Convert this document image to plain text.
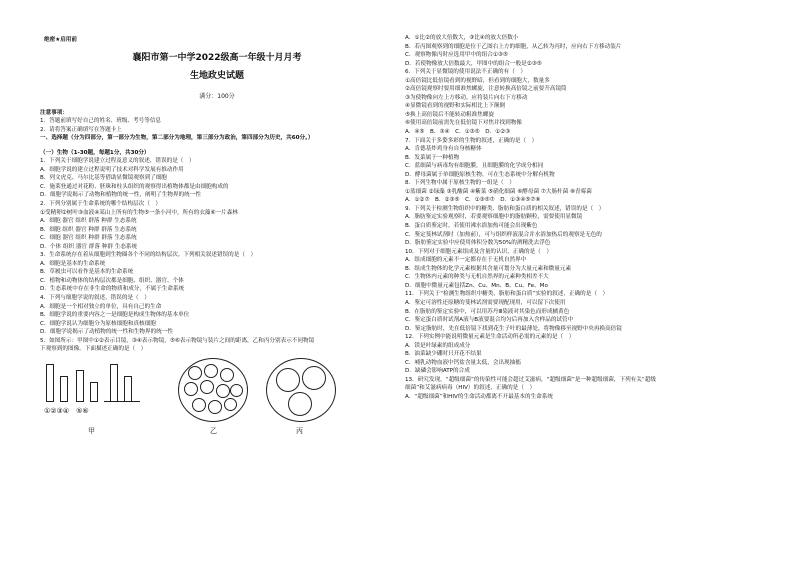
绝密★启用前
襄阳市第一中学2022级高一年级十月月考
生地政史试题
满分：100分
注意事项：
1．答题前填写好自己的姓名、班级、考号等信息
2．请将答案正确填写在答题卡上
一、选择题（分为四部分，第一部分为生物，第二部分为地理，第三部分为政治，第四部分为历史，共60分。）
（一）生物（1-30题，每题1分，共30分）
1．下列关于细胞学说建立过程及意义的叙述，错误的是（　）
A．细胞学说的建立过程说明了技术对科学发展有推动作用
B．列文虎克、马尔比基等借助显微镜观察到了细胞
C．施莱登通过对花粉、胚珠和柱头组织的观察得出植物体都是由细胞构成的
D．细胞学说揭示了动物和植物的统一性，阐明了生物界的统一性
2．下列分别属于生命系统的哪个结构层次（　）
①受精卵②树叶③血液④某山上所有的生物⑤一条小河中，所有的衣藻⑥一片森林
A．细胞 器官 组织 群落 种群 生态系统
B．细胞 组织 器官 种群 群落 生态系统
C．细胞 器官 组织 种群 群落 生态系统
D．个体 组织 器官 群落 种群 生态系统
3．生命系统存在着从细胞到生物圈各个不同的结构层次。下列相关叙述错误的是（　）
A．细胞是基本的生命系统
B．草履虫可以看作是基本的生命系统
C．植物和动物体的结构层次都是细胞、组织、器官、个体
D．生态系统中存在非生命的物质和成分，不属于生命系统
4．下列与细胞学说的叙述，错误的是（　）
A．细胞是一个相对独立的单位，具有自己的生命
B．细胞学说的重要内容之一是细胞是构成生物体的基本单位
C．细胞学说认为细胞分为原核细胞和真核细胞
D．细胞学说揭示了动植物的统一性和生物界的统一性
5．如图所示：甲图中①②表示目镜，③④表示物镜，⑤⑥表示物镜与装片之间的距离，乙和丙分别表示不同物镜
下观察到的图像。下面描述正确的是（　）
①②③④　⑤⑥
甲	乙	丙
A．①比②的放大倍数大，③比④的放大倍数小
B．若丙图观察到的细胞是位于乙图右上方的细胞，从乙转为丙时，应向右下方移动装片
C．观察物像丙时应选用甲中的组合①③⑤
D．若使物像放大倍数最大，甲图中的组合一般是②③⑤
6．下列关于显微镜的使用说法不正确的有（　）
①高倍镜比低倍镜看到的视野暗，但看到的细胞大，数量多
②高倍镜观察时要用细准焦螺旋，注意转换高倍镜之前要升高镜筒
③为使物像向左上方移动，应将装片向右下方移动
④显微镜看到的视野和实际相比上下颠倒
⑤换上高倍镜后不能转动粗准焦螺旋
⑥使用高倍镜前需先在低倍镜下对焦并找到物像
A．④⑤　B．③④　C．①③⑤　D．①②③
7．下面关于多姿多彩的生物的叙述，正确的是（　）
A．肯德基炸鸡身有自身核糖体
B．发菜属于一种植物
C．蓝细菌与病毒均有细胞膜，且细胞膜的化学成分相同
D．酵母菌属于单细胞原核生物，可在生态系统中分解有机物
8．下列生物中属于原核生物的一组是（　）
①蓝细菌 ②绿藻 ③乳酸菌 ④紫菜 ⑤硝化细菌 ⑥酵母菌 ⑦大肠杆菌 ⑧青霉菌
A．①②⑦　B．②③⑤　C．①③⑤⑦　D．①③④⑤⑦⑧
9．下列关于检测生物组织中的糖类、脂肪和蛋白质的相关叙述，错误的是（　）
A．脂肪鉴定实验观察时，若要观察细胞中的脂肪颗粒，需要使用显微镜
B．蛋白质鉴定时，若使用沸水浴加热可能会出现紫色
C．鉴定斐林试剂时（加热前），可与组织样液混合并水浴加热后的观察是无色的
D．脂肪鉴定实验中应使用体积分数为50%的酒精洗去浮色
10．下列对于细胞元素组成及含量的认识，正确的是（　）
A．组成细胞的元素不一定都存在于无机自然界中
B．组成生物体的化学元素根据其含量可划分为大量元素和微量元素
C．生物体内元素的种类与无机自然界的元素种类相差不大
D．细胞中微量元素包括Zn、Cu、Mn、B、Cu、Fe、Mo
11．下列关于“检测生物组织中糖类、脂肪和蛋白质”实验的叙述，正确的是（　）
A．鉴定可溶性还原糖的斐林试剂需要现配现用，可以留下次使用
B．在脂肪的鉴定实验中，可以用苏丹Ⅲ染液对其染色而形成橘黄色
C．鉴定蛋白质时试剂A液与B液要混合均匀后再加入含样品的试管中
D．鉴定脂肪时，先在低倍镜下找到花生子叶的最薄处，将物像移至视野中央再换高倍镜
12．下列实例中能说明微量元素是生命活动所必需的元素的是（　）
A．镁是叶绿素的组成成分
B．油菜缺少硼时只开花不结果
C．哺乳动物血液中钙盐含量太低，会出现抽搐
D．缺磷会影响ATP的合成
13．研究发现，“超级细菌”的传染性可能会超过艾滋病，“超级细菌”是一种超级细菌，下列有关“超级
细菌”和艾滋病病毒（HIV）的叙述，正确的是（　）
A．“超级细菌”和HIV的生命活动都离不开最基本的生命系统
